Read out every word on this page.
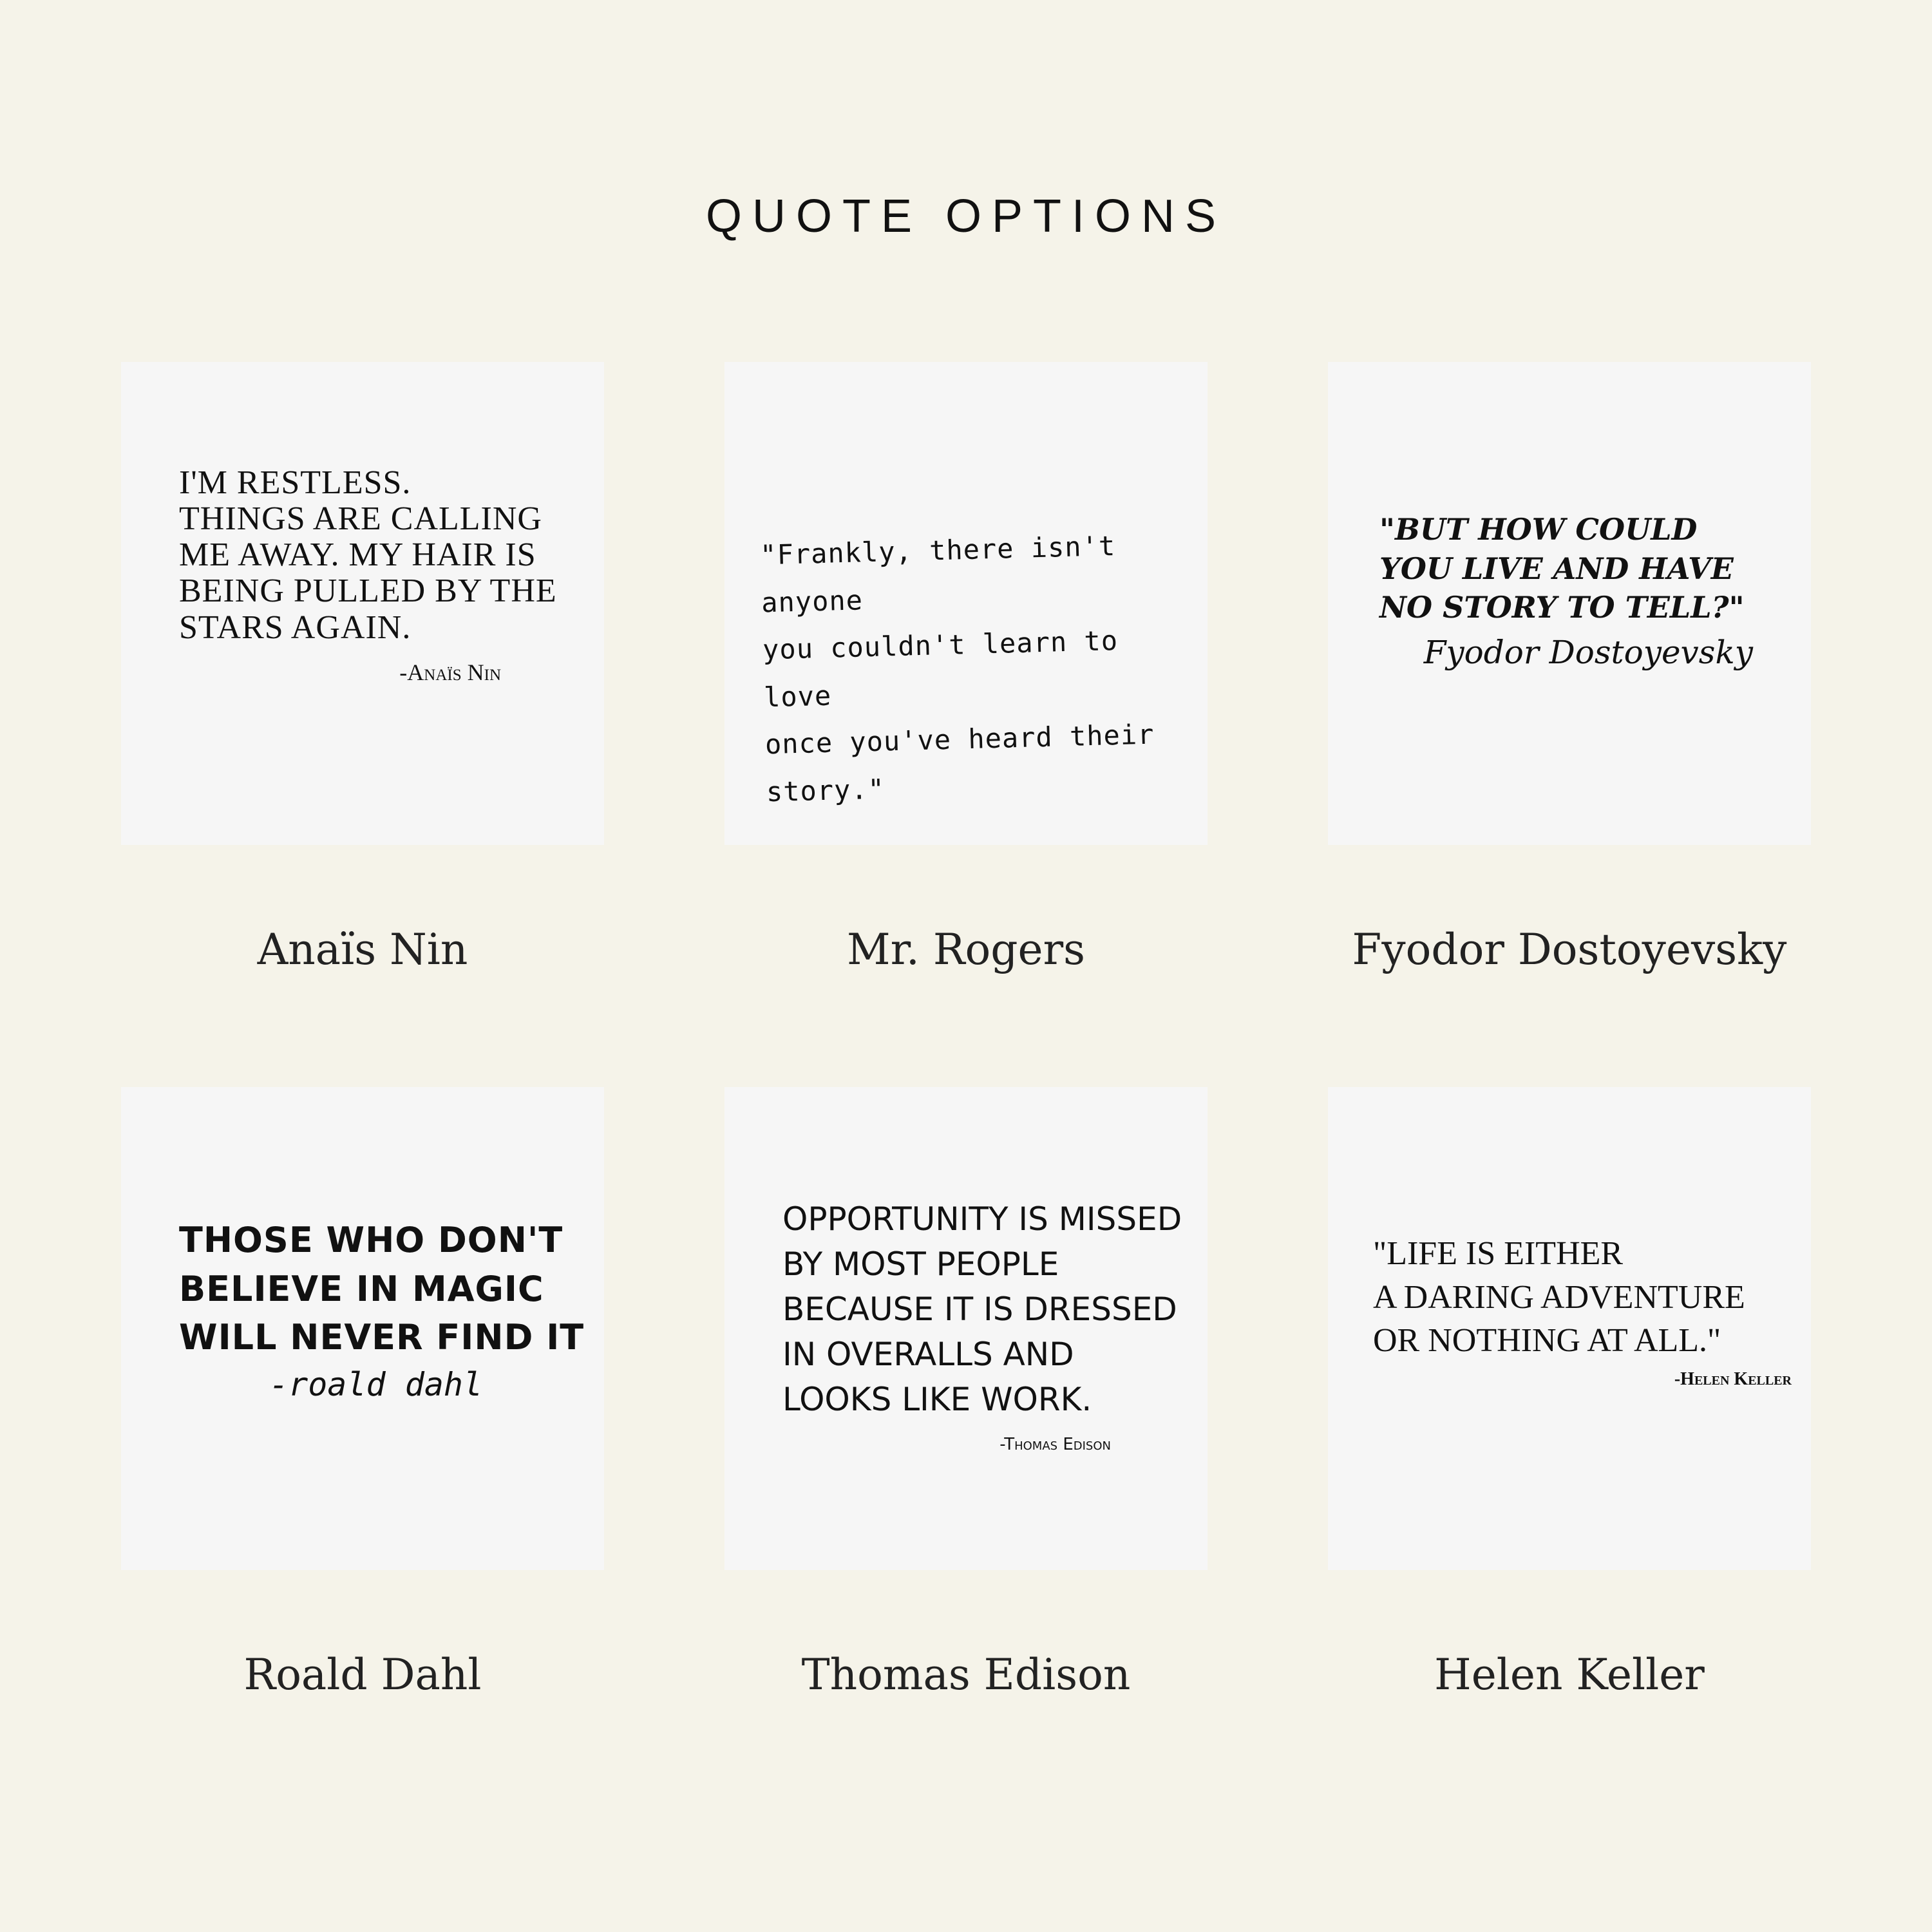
QUOTE OPTIONS
I'M RESTLESS.
THINGS ARE CALLING
ME AWAY. MY HAIR IS
BEING PULLED BY THE
STARS AGAIN.
-Anaïs Nin
Anaïs Nin
"Frankly, there isn't anyone
you couldn't learn to love
once you've heard their story."
Mr. Rogers
"BUT HOW COULD
YOU LIVE AND HAVE
NO STORY TO TELL?"
Fyodor Dostoyevsky
Fyodor Dostoyevsky
THOSE WHO DON'T
BELIEVE IN MAGIC
WILL NEVER FIND IT
-roald dahl
Roald Dahl
OPPORTUNITY IS MISSED
BY MOST PEOPLE
BECAUSE IT IS DRESSED
IN OVERALLS AND
LOOKS LIKE WORK.
-Thomas Edison
Thomas Edison
"LIFE IS EITHER
A DARING ADVENTURE
OR NOTHING AT ALL."
-Helen Keller
Helen Keller
